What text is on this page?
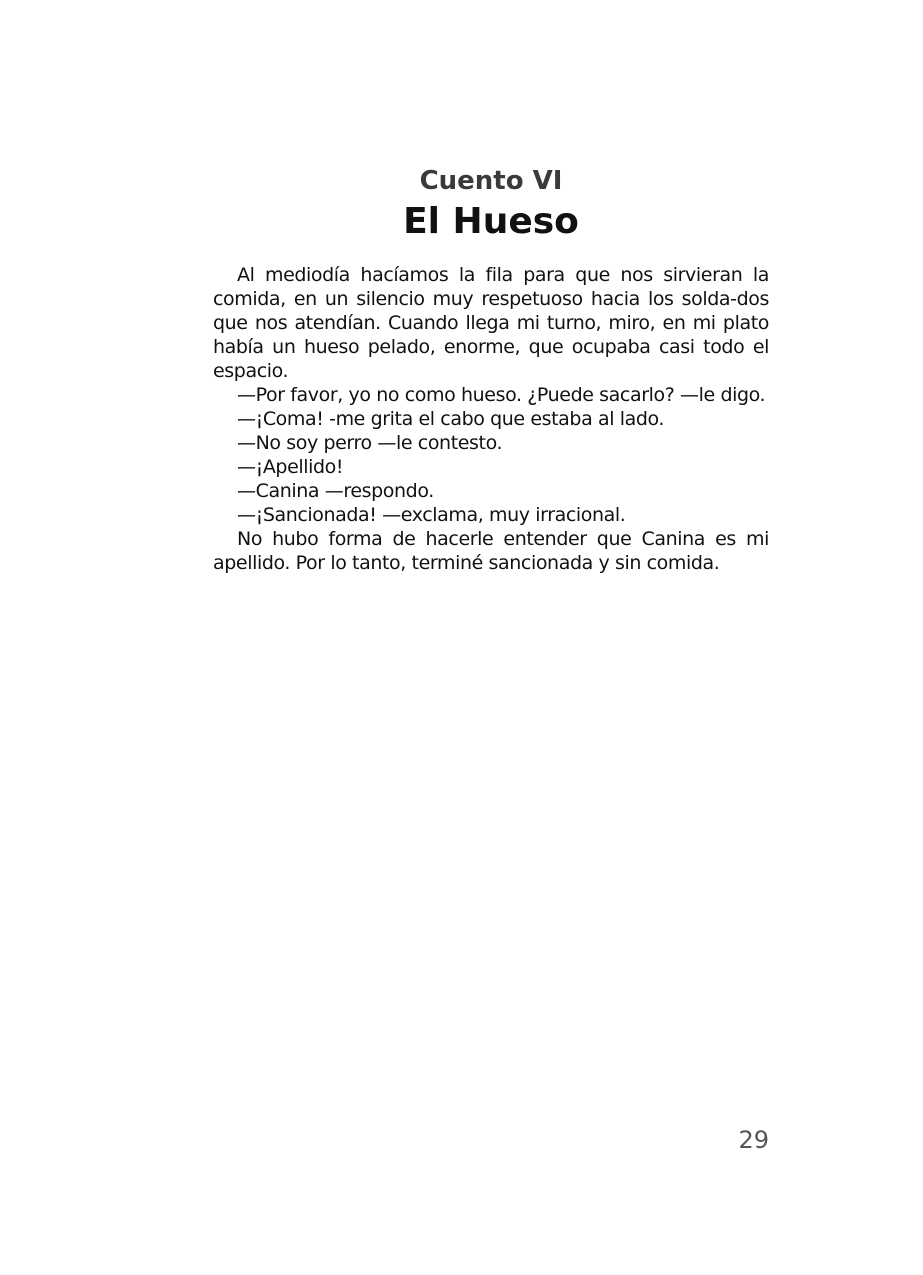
Cuento VI
El Hueso

Al mediodía hacíamos la fila para que nos sirvieran la comida, en un silencio muy respetuoso hacia los solda-dos que nos atendían. Cuando llega mi turno, miro, en mi plato había un hueso pelado, enorme, que ocupaba casi todo el espacio.

—Por favor, yo no como hueso. ¿Puede sacarlo? —le digo.

—¡Coma! -me grita el cabo que estaba al lado.

—No soy perro —le contesto.

—¡Apellido!

—Canina —respondo.

—¡Sancionada! —exclama, muy irracional.

No hubo forma de hacerle entender que Canina es mi apellido. Por lo tanto, terminé sancionada y sin comida.

29
